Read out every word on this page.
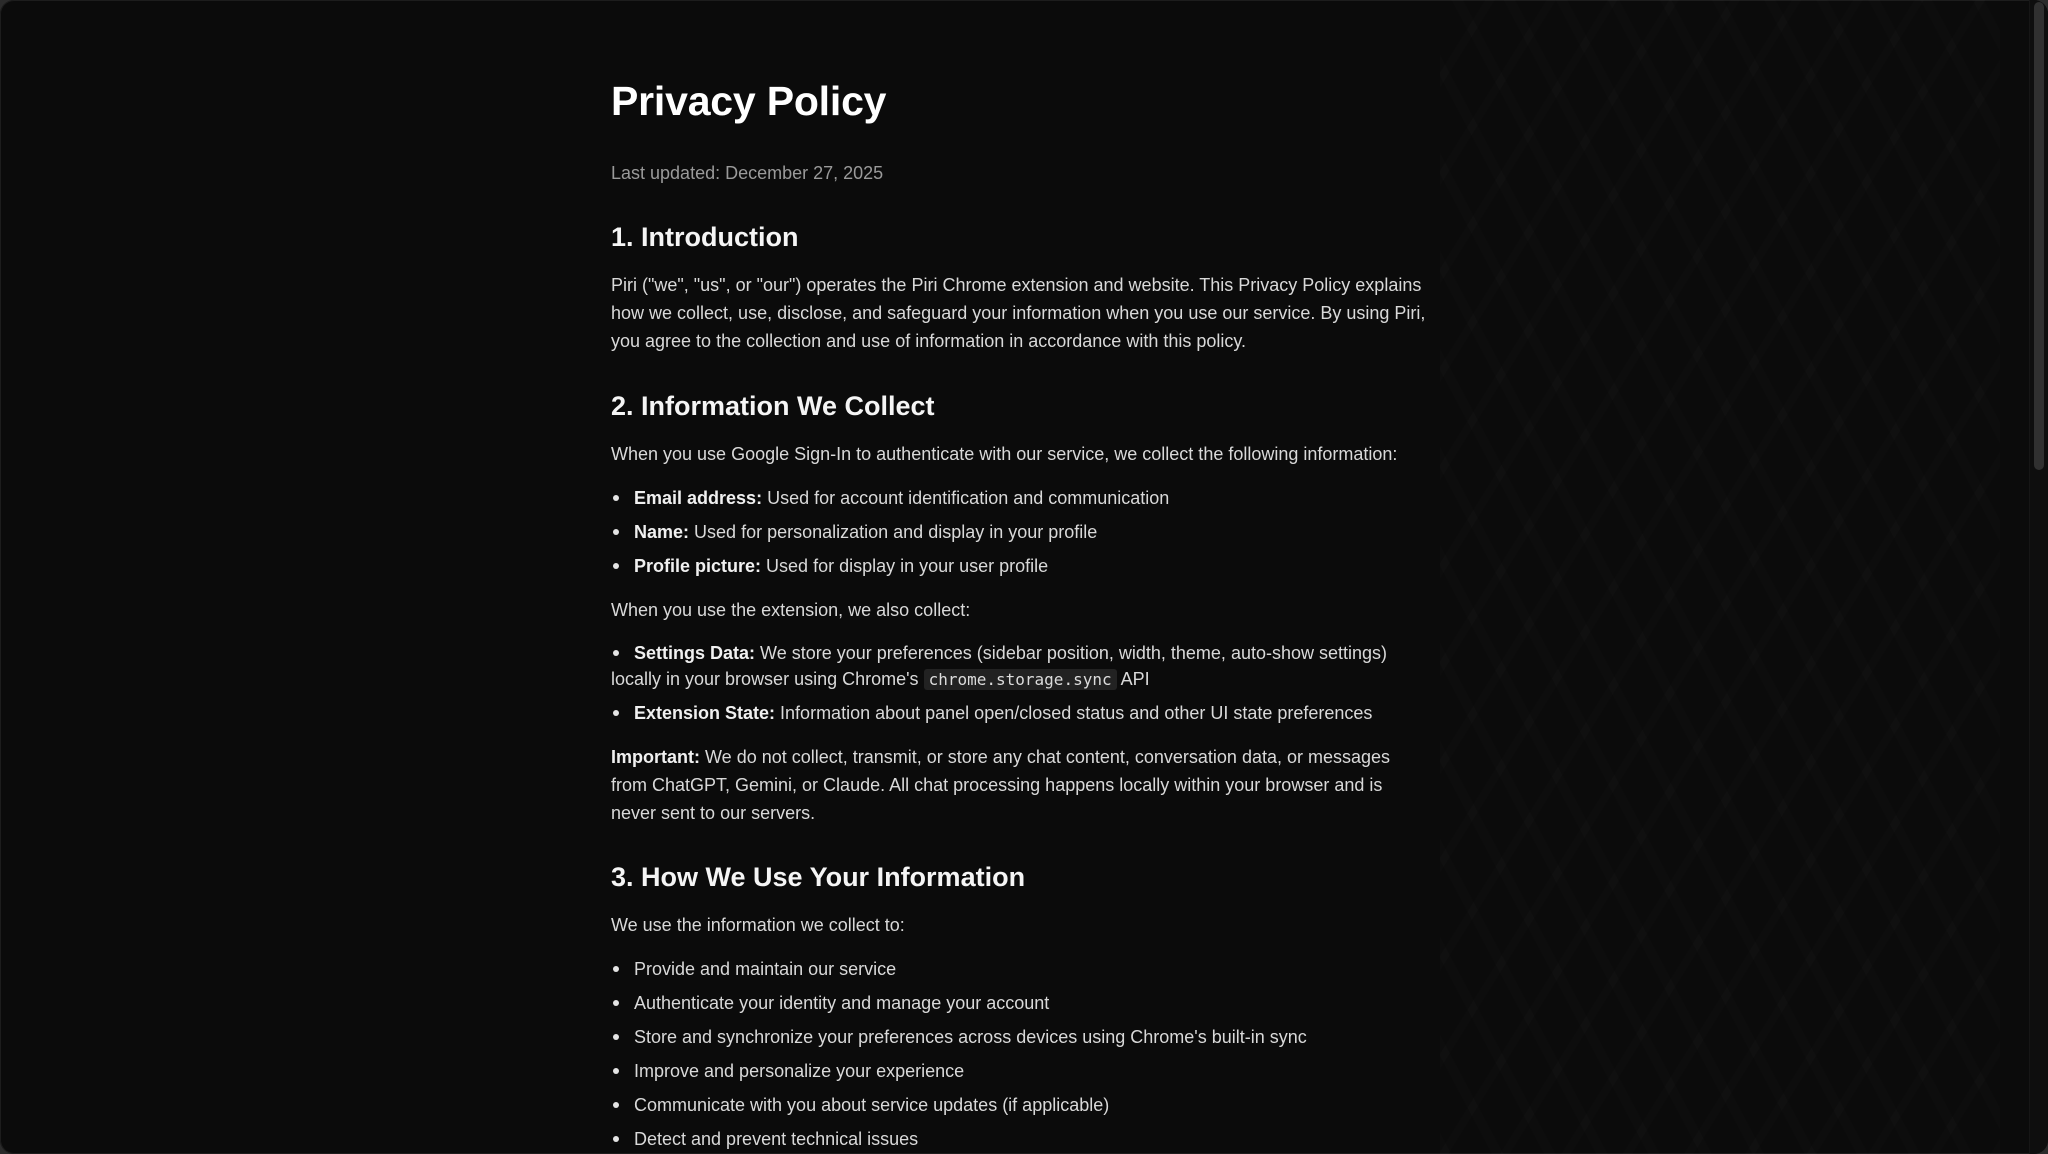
Privacy Policy

Last updated: December 27, 2025

1. Introduction

Piri ("we", "us", or "our") operates the Piri Chrome extension and website. This Privacy Policy explains how we collect, use, disclose, and safeguard your information when you use our service. By using Piri, you agree to the collection and use of information in accordance with this policy.

2. Information We Collect

When you use Google Sign-In to authenticate with our service, we collect the following information:

Email address: Used for account identification and communication
Name: Used for personalization and display in your profile
Profile picture: Used for display in your user profile

When you use the extension, we also collect:

Settings Data: We store your preferences (sidebar position, width, theme, auto-show settings) locally in your browser using Chrome's chrome.storage.sync API
Extension State: Information about panel open/closed status and other UI state preferences

Important: We do not collect, transmit, or store any chat content, conversation data, or messages from ChatGPT, Gemini, or Claude. All chat processing happens locally within your browser and is never sent to our servers.

3. How We Use Your Information

We use the information we collect to:

Provide and maintain our service
Authenticate your identity and manage your account
Store and synchronize your preferences across devices using Chrome's built-in sync
Improve and personalize your experience
Communicate with you about service updates (if applicable)
Detect and prevent technical issues
